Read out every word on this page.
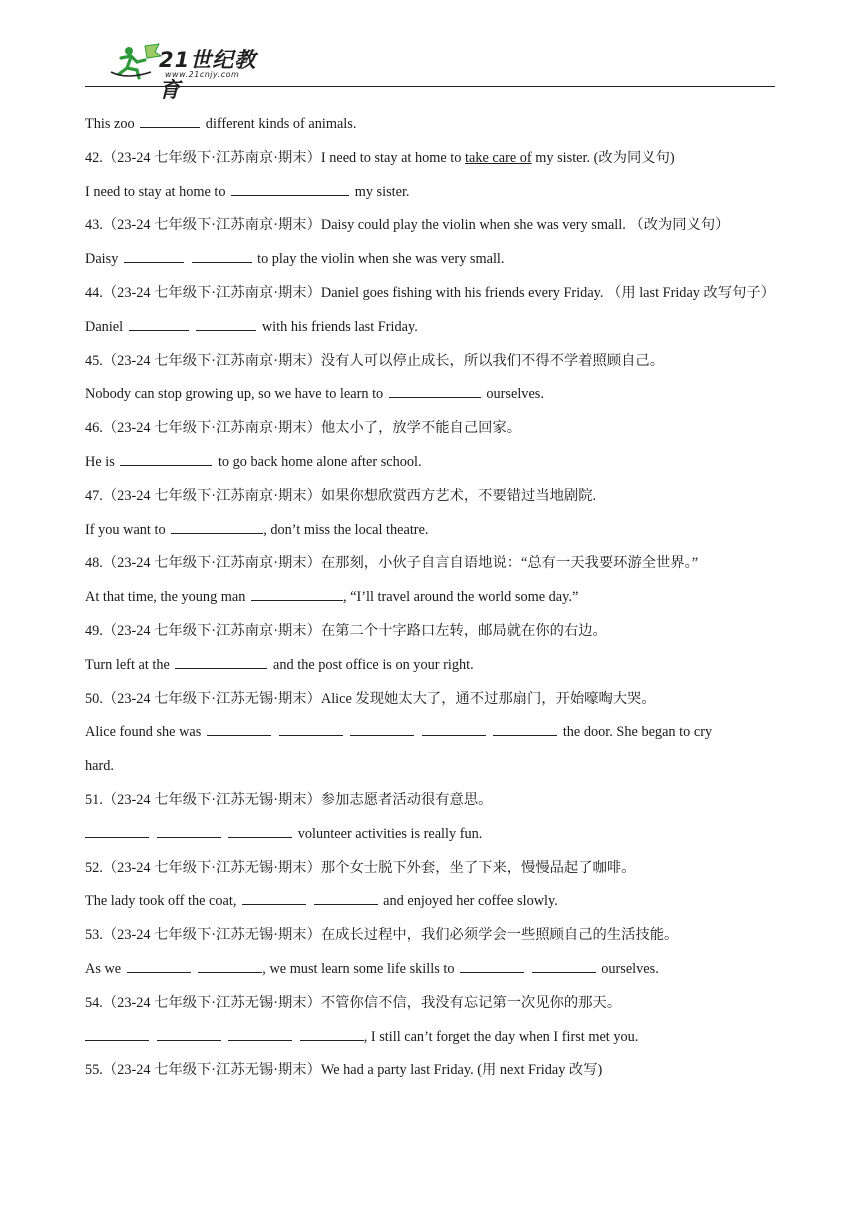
21世纪教育
www.21cnjy.com
This zoo	different kinds of animals.
42.（23-24 七年级下·江苏南京·期末）I need to stay at home to take care of my sister. (改为同义句)
I need to stay at home to	my sister.
43.（23-24 七年级下·江苏南京·期末）Daisy could play the violin when she was very small. （改为同义句）
Daisy	to play the violin when she was very small.
44.（23-24 七年级下·江苏南京·期末）Daniel goes fishing with his friends every Friday. （用 last Friday 改写句子）
Daniel	with his friends last Friday.
45.（23-24 七年级下·江苏南京·期末）没有人可以停止成长，所以我们不得不学着照顾自己。
Nobody can stop growing up, so we have to learn to	ourselves.
46.（23-24 七年级下·江苏南京·期末）他太小了，放学不能自己回家。
He is	to go back home alone after school.
47.（23-24 七年级下·江苏南京·期末）如果你想欣赏西方艺术，不要错过当地剧院.
If you want to	, don’t miss the local theatre.
48.（23-24 七年级下·江苏南京·期末）在那刻，小伙子自言自语地说：“总有一天我要环游全世界。”
At that time, the young man	, “I’ll travel around the world some day.”
49.（23-24 七年级下·江苏南京·期末）在第二个十字路口左转，邮局就在你的右边。
Turn left at the	and the post office is on your right.
50.（23-24 七年级下·江苏无锡·期末）Alice 发现她太大了，通不过那扇门，开始嚎啕大哭。
Alice found she was	the door. She began to cry
hard.
51.（23-24 七年级下·江苏无锡·期末）参加志愿者活动很有意思。
volunteer activities is really fun.
52.（23-24 七年级下·江苏无锡·期末）那个女士脱下外套，坐了下来，慢慢品起了咖啡。
The lady took off the coat,	and enjoyed her coffee slowly.
53.（23-24 七年级下·江苏无锡·期末）在成长过程中，我们必须学会一些照顾自己的生活技能。
As we	, we must learn some life skills to	ourselves.
54.（23-24 七年级下·江苏无锡·期末）不管你信不信，我没有忘记第一次见你的那天。
, I still can’t forget the day when I first met you.
55.（23-24 七年级下·江苏无锡·期末）We had a party last Friday. (用 next Friday 改写)
